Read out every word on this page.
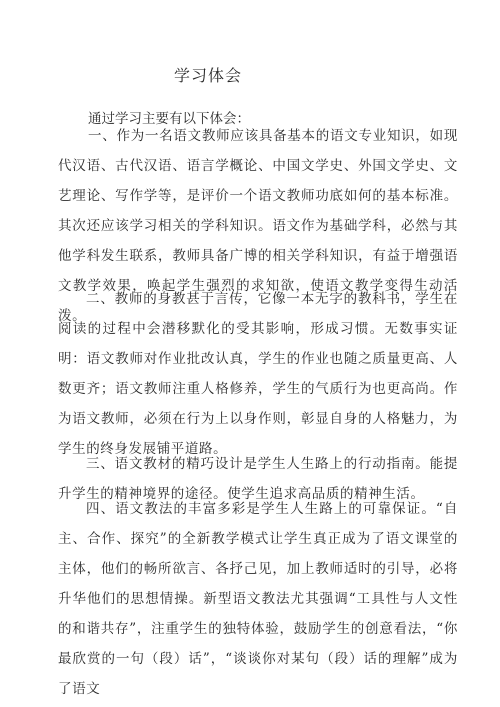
学习体会

通过学习主要有以下体会：

一、作为一名语文教师应该具备基本的语文专业知识，如现代汉语、古代汉语、语言学概论、中国文学史、外国文学史、文艺理论、写作学等，是评价一个语文教师功底如何的基本标准。其次还应该学习相关的学科知识。语文作为基础学科，必然与其他学科发生联系，教师具备广博的相关学科知识，有益于增强语文教学效果，唤起学生强烈的求知欲，使语文教学变得生动活泼。

二、教师的身教甚于言传，它像一本无字的教科书，学生在阅读的过程中会潜移默化的受其影响，形成习惯。无数事实证明：语文教师对作业批改认真，学生的作业也随之质量更高、人数更齐；语文教师注重人格修养，学生的气质行为也更高尚。作为语文教师，必须在行为上以身作则，彰显自身的人格魅力，为学生的终身发展铺平道路。

三、语文教材的精巧设计是学生人生路上的行动指南。能提升学生的精神境界的途径。使学生追求高品质的精神生活。

四、语文教法的丰富多彩是学生人生路上的可靠保证。“自主、合作、探究”的全新教学模式让学生真正成为了语文课堂的主体，他们的畅所欲言、各抒己见，加上教师适时的引导，必将升华他们的思想情操。新型语文教法尤其强调“工具性与人文性的和谐共存”，注重学生的独特体验，鼓励学生的创意看法，“你最欣赏的一句（段）话”，“谈谈你对某句（段）话的理解”成为了语文
